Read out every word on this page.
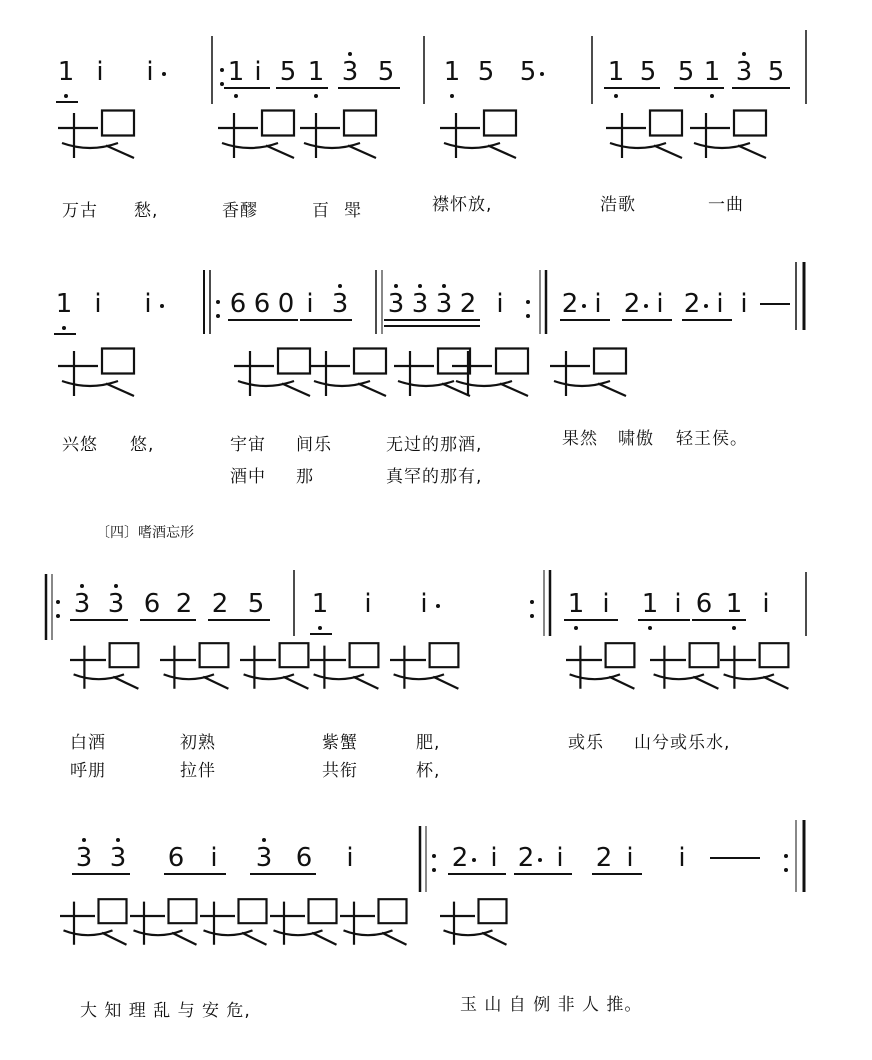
1 i i	1 i 5 1 3 5 1 5 5	1 5 5 1 3 5
1 i i	6 6 0 i 3 3 3 3 2 i 2 i 2 i 2 i i
3 3 6 2 2 5 1 i i	1 i 1 i 6 1 i
3 3 6 i 3 6 i	2 i 2 i 2 i i
万古 愁,	香醪	百 斝	襟怀放,	浩歌	一曲
兴悠 悠,	宇宙 间乐	无过的那酒,	果然 啸傲 轻王侯。
酒中 那	真罕的那有,
〔四〕嗜酒忘形
白酒	初熟	紫蟹	肥,	或乐 山兮或乐水,
呼朋	拉伴	共衔	杯,
大 知 理 乱 与 安 危,	玉 山 自 例 非 人 推。
